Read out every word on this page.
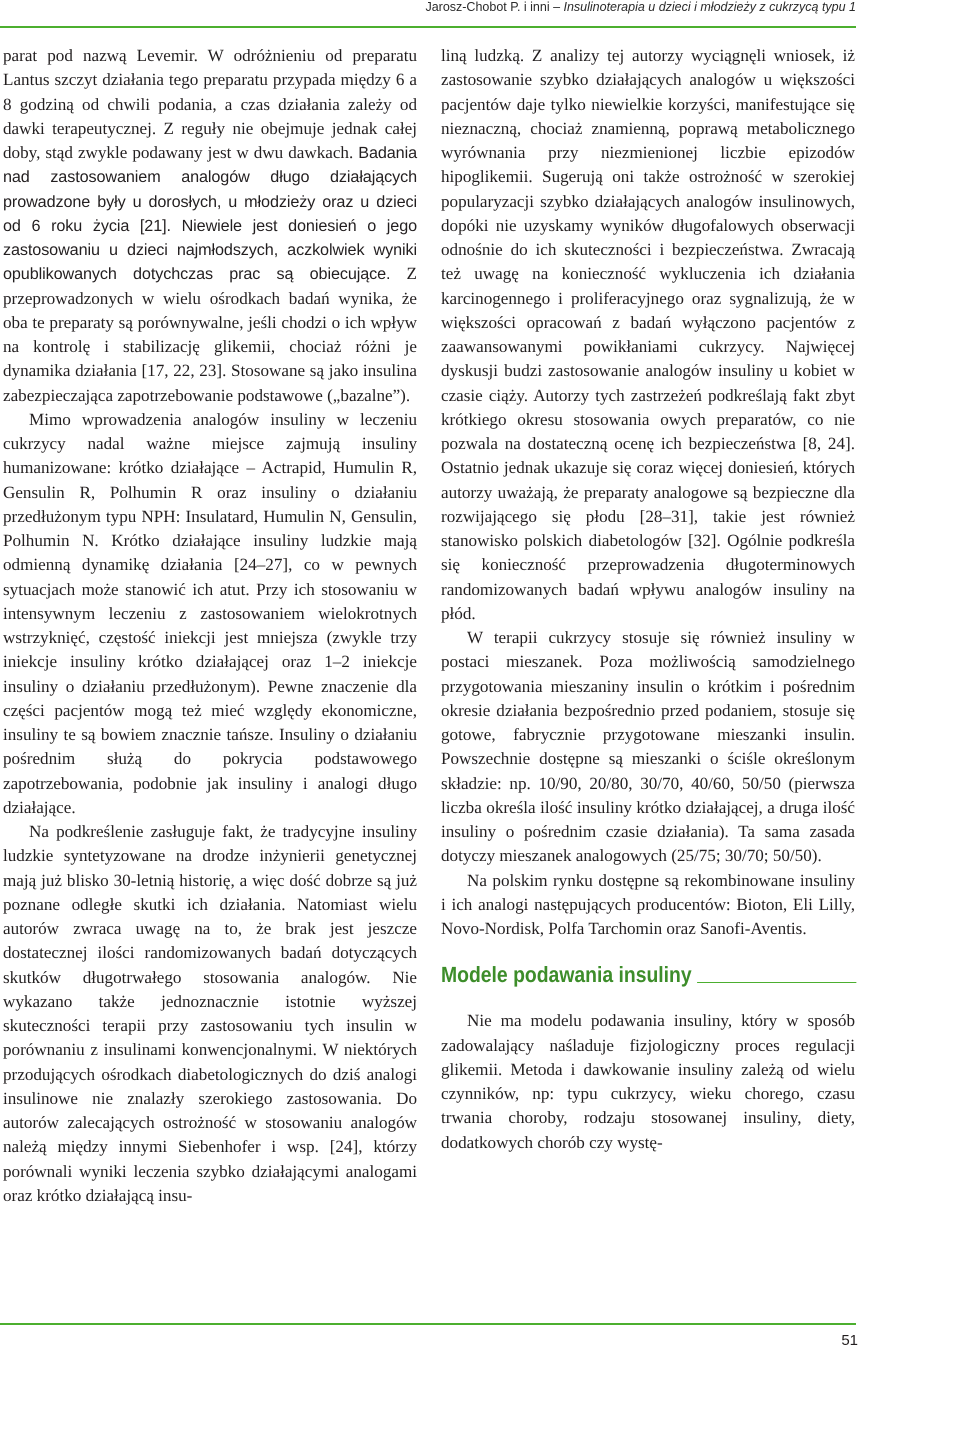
Jarosz-Chobot P. i inni – Insulinoterapia u dzieci i młodzieży z cukrzycą typu 1

parat pod nazwą Levemir. W odróżnieniu od preparatu Lantus szczyt działania tego preparatu przypada między 6 a 8 godziną od chwili podania, a czas działania zależy od dawki terapeutycznej. Z reguły nie obejmuje jednak całej doby, stąd zwykle podawany jest w dwu dawkach. Badania nad zastosowaniem analogów długo działających prowadzone były u dorosłych, u młodzieży oraz u dzieci od 6 roku życia [21]. Niewiele jest doniesień o jego zastosowaniu u dzieci najmłodszych, aczkolwiek wyniki opublikowanych dotychczas prac są obiecujące. Z przeprowadzonych w wielu ośrodkach badań wynika, że oba te preparaty są porównywalne, jeśli chodzi o ich wpływ na kontrolę i stabilizację glikemii, chociaż różni je dynamika działania [17, 22, 23]. Stosowane są jako insulina zabezpieczająca zapotrzebowanie podstawowe („bazalne”).

Mimo wprowadzenia analogów insuliny w leczeniu cukrzycy nadal ważne miejsce zajmują insuliny humanizowane: krótko działające – Actrapid, Humulin R, Gensulin R, Polhumin R oraz insuliny o działaniu przedłużonym typu NPH: Insulatard, Humulin N, Gensulin, Polhumin N. Krótko działające insuliny ludzkie mają odmienną dynamikę działania [24–27], co w pewnych sytuacjach może stanowić ich atut. Przy ich stosowaniu w intensywnym leczeniu z zastosowaniem wielokrotnych wstrzyknięć, częstość iniekcji jest mniejsza (zwykle trzy iniekcje insuliny krótko działającej oraz 1–2 iniekcje insuliny o działaniu przedłużonym). Pewne znaczenie dla części pacjentów mogą też mieć względy ekonomiczne, insuliny te są bowiem znacznie tańsze. Insuliny o działaniu pośrednim służą do pokrycia podstawowego zapotrzebowania, podobnie jak insuliny i analogi długo działające.

Na podkreślenie zasługuje fakt, że tradycyjne insuliny ludzkie syntetyzowane na drodze inżynierii genetycznej mają już blisko 30-letnią historię, a więc dość dobrze są już poznane odległe skutki ich działania. Natomiast wielu autorów zwraca uwagę na to, że brak jest jeszcze dostatecznej ilości randomizowanych badań dotyczących skutków długotrwałego stosowania analogów. Nie wykazano także jednoznacznie istotnie wyższej skuteczności terapii przy zastosowaniu tych insulin w porównaniu z insulinami konwencjonalnymi. W niektórych przodujących ośrodkach diabetologicznych do dziś analogi insulinowe nie znalazły szerokiego zastosowania. Do autorów zalecających ostrożność w stosowaniu analogów należą między innymi Siebenhofer i wsp. [24], którzy porównali wyniki leczenia szybko działającymi analogami oraz krótko działającą insu-

liną ludzką. Z analizy tej autorzy wyciągnęli wniosek, iż zastosowanie szybko działających analogów u większości pacjentów daje tylko niewielkie korzyści, manifestujące się nieznaczną, chociaż znamienną, poprawą metabolicznego wyrównania przy niezmienionej liczbie epizodów hipoglikemii. Sugerują oni także ostrożność w szerokiej popularyzacji szybko działających analogów insulinowych, dopóki nie uzyskamy wyników długofalowych obserwacji odnośnie do ich skuteczności i bezpieczeństwa. Zwracają też uwagę na konieczność wykluczenia ich działania karcinogennego i proliferacyjnego oraz sygnalizują, że w większości opracowań z badań wyłączono pacjentów z zaawansowanymi powikłaniami cukrzycy. Najwięcej dyskusji budzi zastosowanie analogów insuliny u kobiet w czasie ciąży. Autorzy tych zastrzeżeń podkreślają fakt zbyt krótkiego okresu stosowania owych preparatów, co nie pozwala na dostateczną ocenę ich bezpieczeństwa [8, 24]. Ostatnio jednak ukazuje się coraz więcej doniesień, których autorzy uważają, że preparaty analogowe są bezpieczne dla rozwijającego się płodu [28–31], takie jest również stanowisko polskich diabetologów [32]. Ogólnie podkreśla się konieczność przeprowadzenia długoterminowych randomizowanych badań wpływu analogów insuliny na płód.

W terapii cukrzycy stosuje się również insuliny w postaci mieszanek. Poza możliwością samodzielnego przygotowania mieszaniny insulin o krótkim i pośrednim okresie działania bezpośrednio przed podaniem, stosuje się gotowe, fabrycznie przygotowane mieszanki insulin. Powszechnie dostępne są mieszanki o ściśle określonym składzie: np. 10/90, 20/80, 30/70, 40/60, 50/50 (pierwsza liczba określa ilość insuliny krótko działającej, a druga ilość insuliny o pośrednim czasie działania). Ta sama zasada dotyczy mieszanek analogowych (25/75; 30/70; 50/50).

Na polskim rynku dostępne są rekombinowane insuliny i ich analogi następujących producentów: Bioton, Eli Lilly, Novo-Nordisk, Polfa Tarchomin oraz Sanofi-Aventis.

Modele podawania insuliny

Nie ma modelu podawania insuliny, który w sposób zadowalający naśladuje fizjologiczny proces regulacji glikemii. Metoda i dawkowanie insuliny zależą od wielu czynników, np: typu cukrzycy, wieku chorego, czasu trwania choroby, rodzaju stosowanej insuliny, diety, dodatkowych chorób czy wystę-

51
